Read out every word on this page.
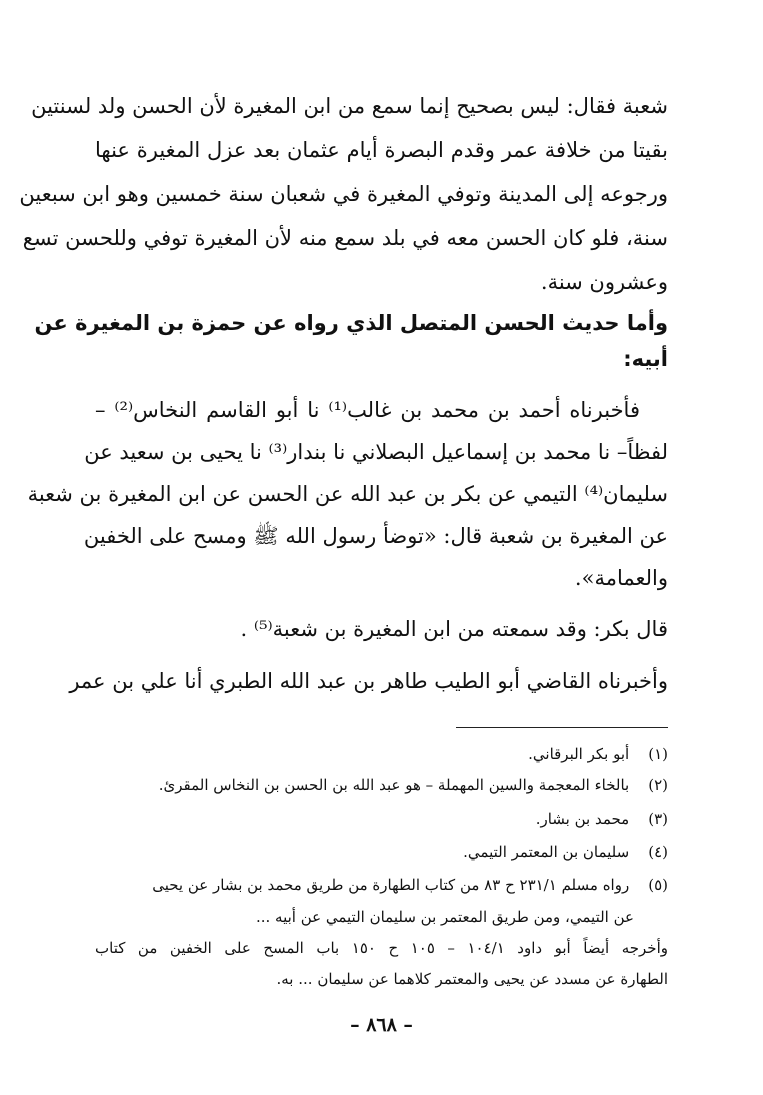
شعبة فقال: ليس بصحيح إنما سمع من ابن المغيرة لأن الحسن ولد لسنتين
بقيتا من خلافة عمر وقدم البصرة أيام عثمان بعد عزل المغيرة عنها
ورجوعه إلى المدينة وتوفي المغيرة في شعبان سنة خمسين وهو ابن سبعين
سنة، فلو كان الحسن معه في بلد سمع منه لأن المغيرة توفي وللحسن تسع
وعشرون سنة.
وأما حديث الحسن المتصل الذي رواه عن حمزة بن المغيرة عن
أبيه:
فأخبرناه أحمد بن محمد بن غالب⁽¹⁾ نا أبو القاسم النخاس⁽²⁾ –
لفظاً– نا محمد بن إسماعيل البصلاني نا بندار⁽³⁾ نا يحيى بن سعيد عن
سليمان⁽⁴⁾ التيمي عن بكر بن عبد الله عن الحسن عن ابن المغيرة بن شعبة
عن المغيرة بن شعبة قال: «توضأ رسول الله ﷺ ومسح على الخفين
والعمامة».
قال بكر: وقد سمعته من ابن المغيرة بن شعبة⁽⁵⁾ .
وأخبرناه القاضي أبو الطيب طاهر بن عبد الله الطبري أنا علي بن عمر
(١) أبو بكر البرقاني.
(٢) بالخاء المعجمة والسين المهملة – هو عبد الله بن الحسن بن النخاس المقرئ.
(٣) محمد بن بشار.
(٤) سليمان بن المعتمر التيمي.
(٥) رواه مسلم ٢٣١/١ ح ٨٣ من كتاب الطهارة من طريق محمد بن بشار عن يحيى
عن التيمي، ومن طريق المعتمر بن سليمان التيمي عن أبيه ...
وأخرجه أيضاً أبو داود ١٠٤/١ – ١٠٥ ح ١٥٠ باب المسح على الخفين من كتاب
الطهارة عن مسدد عن يحيى والمعتمر كلاهما عن سليمان ... به.
– ٨٦٨ –
